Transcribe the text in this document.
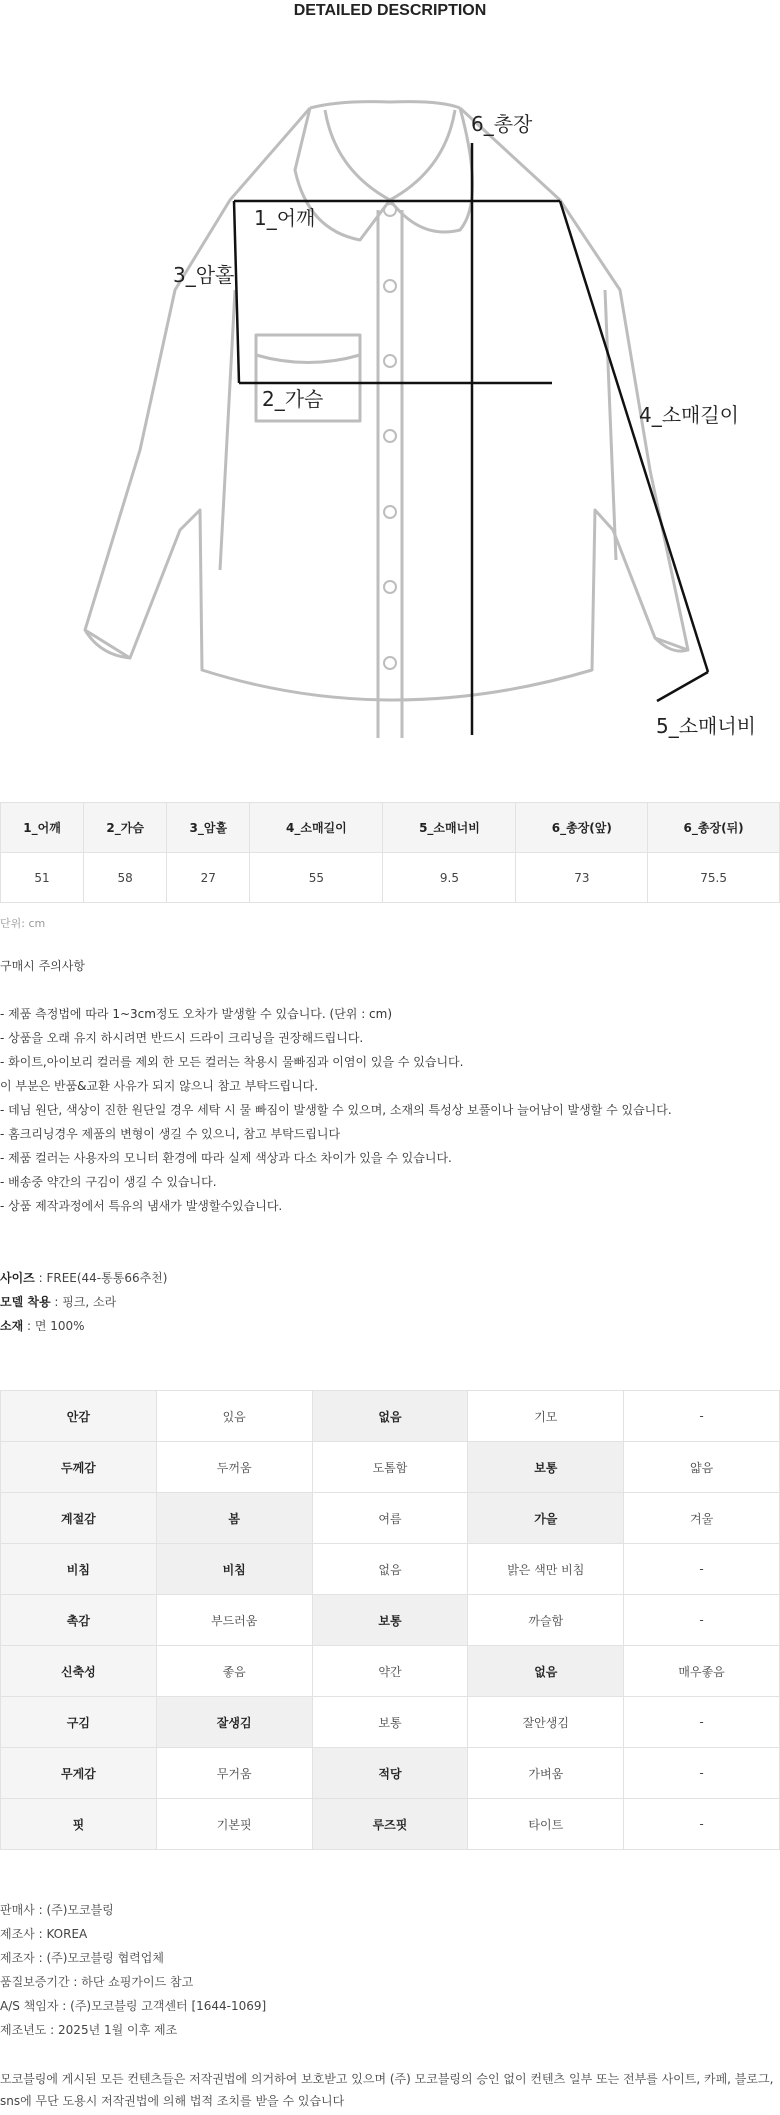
DETAILED DESCRIPTION
1_어깨
2_가슴
3_암홀
4_소매길이
5_소매너비
6_총장
1_어깨	2_가슴	3_암홀	4_소매길이	5_소매너비	6_총장(앞)	6_총장(뒤)
51	58	27	55	9.5	73	75.5
단위: cm
구매시 주의사항
- 제품 측정법에 따라 1~3cm정도 오차가 발생할 수 있습니다. (단위 : cm)
- 상품을 오래 유지 하시려면 반드시 드라이 크리닝을 권장해드립니다.
- 화이트,아이보리 컬러를 제외 한 모든 컬러는 착용시 물빠짐과 이염이 있을 수 있습니다.
이 부분은 반품&교환 사유가 되지 않으니 참고 부탁드립니다.
- 데님 원단, 색상이 진한 원단일 경우 세탁 시 물 빠짐이 발생할 수 있으며, 소재의 특성상 보풀이나 늘어남이 발생할 수 있습니다.
- 홈크리닝경우 제품의 변형이 생길 수 있으니, 참고 부탁드립니다
- 제품 컬러는 사용자의 모니터 환경에 따라 실제 색상과 다소 차이가 있을 수 있습니다.
- 배송중 약간의 구김이 생길 수 있습니다.
- 상품 제작과정에서 특유의 냄새가 발생할수있습니다.
사이즈 : FREE(44-통통66추천)
모델 착용 : 핑크, 소라
소재 : 면 100%
안감	있음	없음	기모	-
두께감	두꺼움	도톰함	보통	얇음
계절감	봄	여름	가을	겨울
비침	비침	없음	밝은 색만 비침	-
촉감	부드러움	보통	까슬함	-
신축성	좋음	약간	없음	매우좋음
구김	잘생김	보통	잘안생김	-
무게감	무거움	적당	가벼움	-
핏	기본핏	루즈핏	타이트	-
판매사 : (주)모코블링
제조사 : KOREA
제조자 : (주)모코블링 협력업체
품질보증기간 : 하단 쇼핑가이드 참고
A/S 책임자 : (주)모코블링 고객센터 [1644-1069]
제조년도 : 2025년 1월 이후 제조
모코블링에 게시된 모든 컨텐츠들은 저작권법에 의거하여 보호받고 있으며 (주) 모코블링의 승인 없이 컨텐츠 일부 또는 전부를 사이트, 카페, 블로그, sns에 무단 도용시 저작권법에 의해 법적 조치를 받을 수 있습니다
